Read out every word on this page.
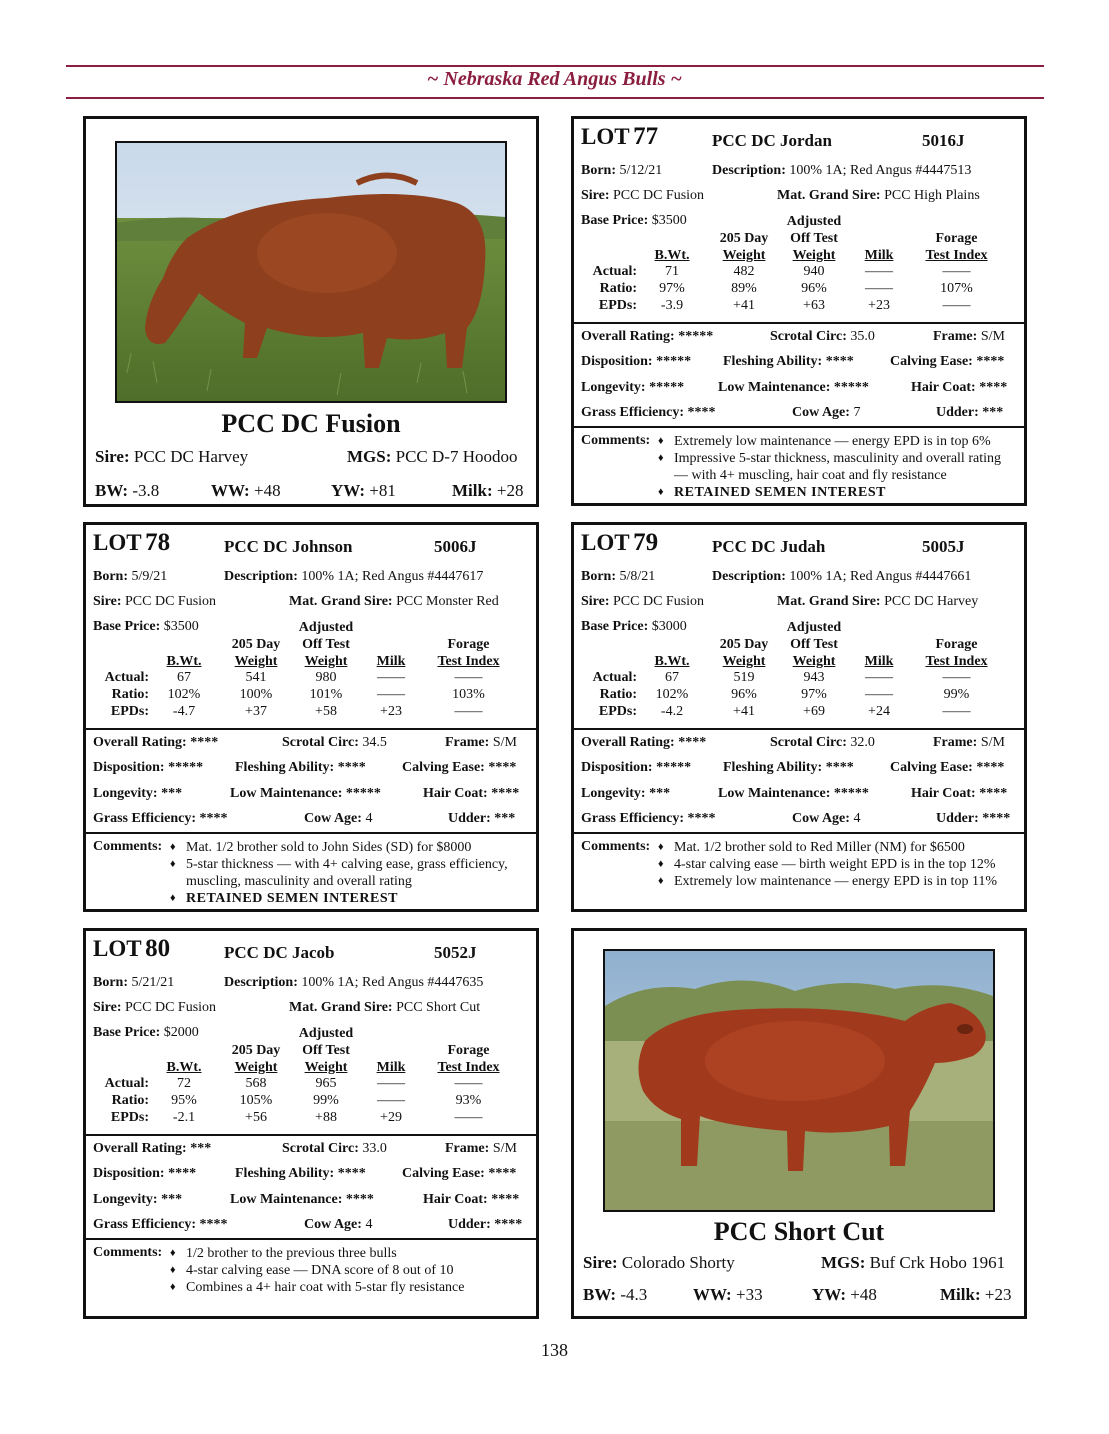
~ Nebraska Red Angus Bulls ~
PCC DC Fusion
Sire: PCC DC Harvey	MGS: PCC D-7 Hoodoo
BW: -3.8	WW: +48	YW: +81	Milk: +28
PCC Short Cut
Sire: Colorado Shorty	MGS: Buf Crk Hobo 1961
BW: -4.3	WW: +33	YW: +48	Milk: +23
LOT 77	PCC DC Jordan	5016J
Born: 5/12/21	Description: 100% 1A; Red Angus #4447513
Sire: PCC DC Fusion	Mat. Grand Sire: PCC High Plains
Base Price: $3500	Adjusted
205 Day	Off Test	Forage
B.Wt.	Weight	Weight	Milk	Test Index
Actual:	71	482	940	——	——
Ratio:	97%	89%	96%	——	107%
EPDs:	-3.9	+41	+63	+23	——
Overall Rating: *****	Scrotal Circ: 35.0	Frame: S/M
Disposition: ***** Fleshing Ability: ****	Calving Ease: ****
Longevity: ***** Low Maintenance: *****	Hair Coat: ****
Grass Efficiency: ****	Cow Age: 7	Udder: ***
Comments: ♦ Extremely low maintenance — energy EPD is in top 6%
♦ Impressive 5-star thickness, masculinity and overall rating — with 4+ muscling, hair coat and fly resistance
♦ RETAINED SEMEN INTEREST
LOT 78	PCC DC Johnson	5006J
Born: 5/9/21	Description: 100% 1A; Red Angus #4447617
Sire: PCC DC Fusion	Mat. Grand Sire: PCC Monster Red
Base Price: $3500	Adjusted
205 Day	Off Test	Forage
B.Wt.	Weight	Weight	Milk	Test Index
Actual:	67	541	980	——	——
Ratio:	102%	100%	101%	——	103%
EPDs:	-4.7	+37	+58	+23	——
Overall Rating: ****	Scrotal Circ: 34.5	Frame: S/M
Disposition: ***** Fleshing Ability: ****	Calving Ease: ****
Longevity: ***	Low Maintenance: *****	Hair Coat: ****
Grass Efficiency: ****	Cow Age: 4	Udder: ***
Comments: ♦ Mat. 1/2 brother sold to John Sides (SD) for $8000
♦ 5-star thickness — with 4+ calving ease, grass efficiency, muscling, masculinity and overall rating
♦ RETAINED SEMEN INTEREST
LOT 79	PCC DC Judah	5005J
Born: 5/8/21	Description: 100% 1A; Red Angus #4447661
Sire: PCC DC Fusion	Mat. Grand Sire: PCC DC Harvey
Base Price: $3000	Adjusted
205 Day	Off Test	Forage
B.Wt.	Weight	Weight	Milk	Test Index
Actual:	67	519	943	——	——
Ratio:	102%	96%	97%	——	99%
EPDs:	-4.2	+41	+69	+24	——
Overall Rating: ****	Scrotal Circ: 32.0	Frame: S/M
Disposition: ***** Fleshing Ability: ****	Calving Ease: ****
Longevity: ***	Low Maintenance: *****	Hair Coat: ****
Grass Efficiency: ****	Cow Age: 4	Udder: ****
Comments: ♦ Mat. 1/2 brother sold to Red Miller (NM) for $6500
♦ 4-star calving ease — birth weight EPD is in the top 12%
♦ Extremely low maintenance — energy EPD is in top 11%
LOT 80	PCC DC Jacob	5052J
Born: 5/21/21	Description: 100% 1A; Red Angus #4447635
Sire: PCC DC Fusion	Mat. Grand Sire: PCC Short Cut
Base Price: $2000	Adjusted
205 Day	Off Test	Forage
B.Wt.	Weight	Weight	Milk	Test Index
Actual:	72	568	965	——	——
Ratio:	95%	105%	99%	——	93%
EPDs:	-2.1	+56	+88	+29	——
Overall Rating: ***	Scrotal Circ: 33.0	Frame: S/M
Disposition: ****	Fleshing Ability: ****	Calving Ease: ****
Longevity: ***	Low Maintenance: ****	Hair Coat: ****
Grass Efficiency: ****	Cow Age: 4	Udder: ****
Comments: ♦ 1/2 brother to the previous three bulls
♦ 4-star calving ease — DNA score of 8 out of 10
♦ Combines a 4+ hair coat with 5-star fly resistance
138
